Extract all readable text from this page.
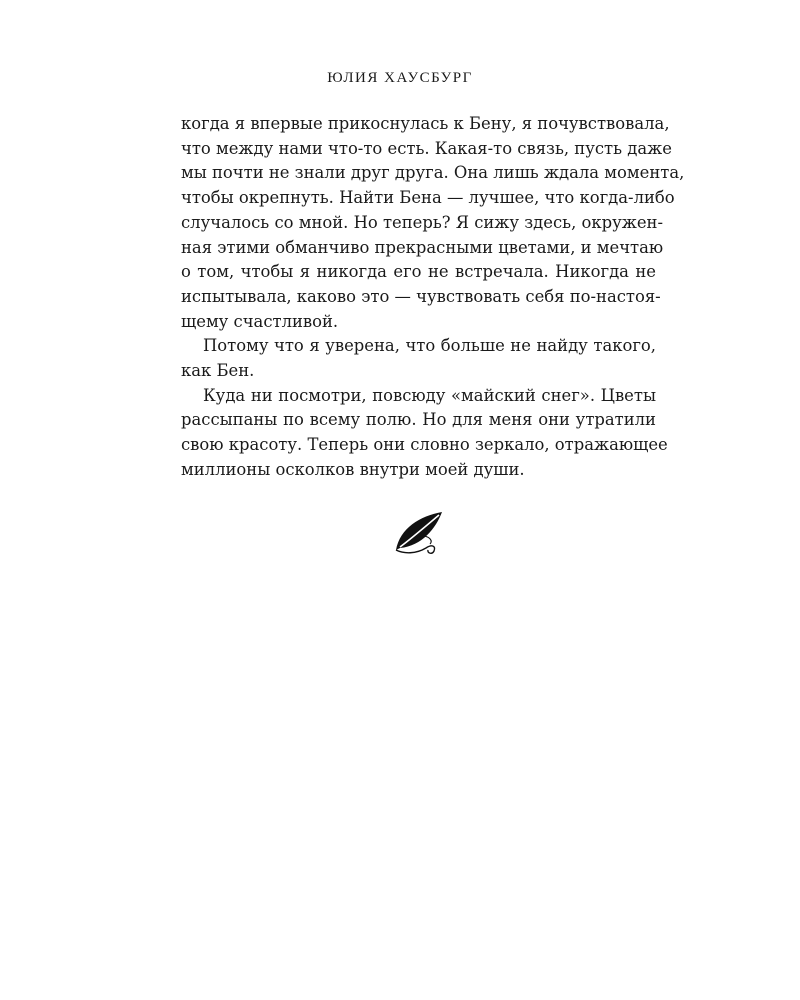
ЮЛИЯ ХАУСБУРГ

когда я впервые прикоснулась к Бену, я почувствовала,

что между нами что-то есть. Какая-то связь, пусть даже

мы почти не знали друг друга. Она лишь ждала момента,

чтобы окрепнуть. Найти Бена — лучшее, что когда-либо

случалось со мной. Но теперь? Я сижу здесь, окружен-

ная этими обманчиво прекрасными цветами, и мечтаю

о том, чтобы я никогда его не встречала. Никогда не

испытывала, каково это — чувствовать себя по-настоя-

щему счастливой.

Потому что я уверена, что больше не найду такого,

как Бен.

Куда ни посмотри, повсюду «майский снег». Цветы

рассыпаны по всему полю. Но для меня они утратили

свою красоту. Теперь они словно зеркало, отражающее

миллионы осколков внутри моей души.
